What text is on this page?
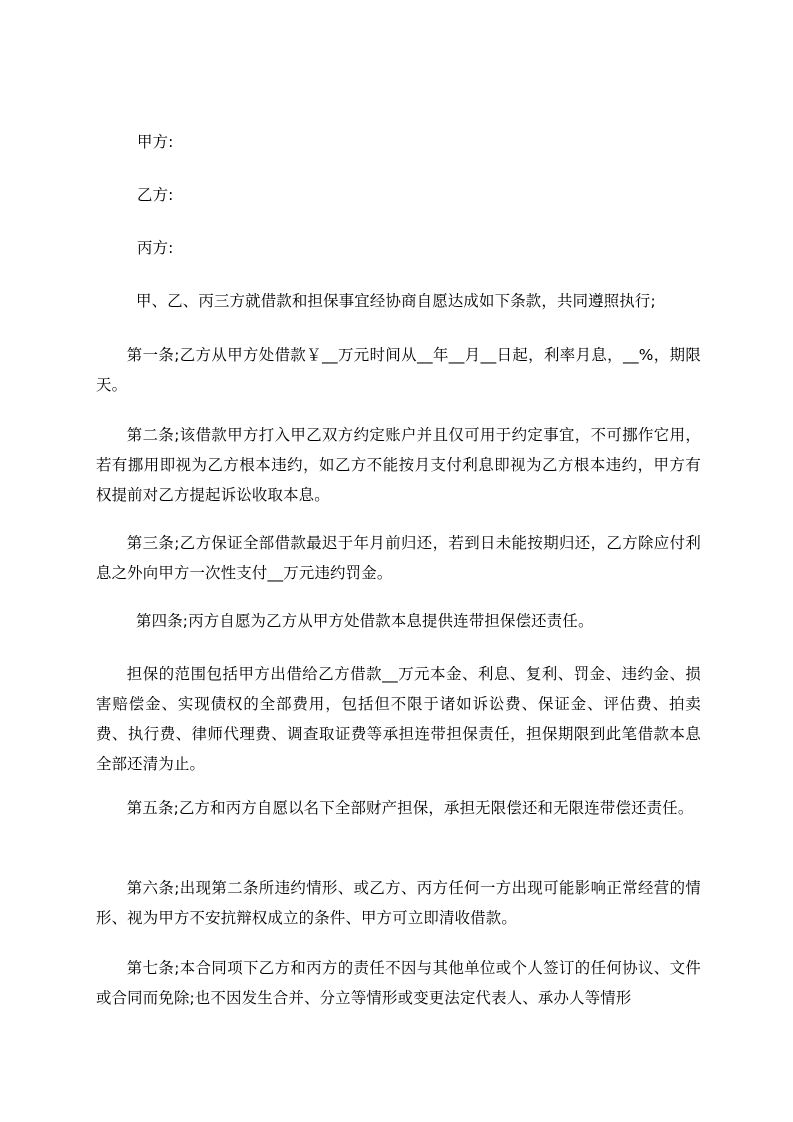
甲方:

乙方:

丙方:

甲、乙、丙三方就借款和担保事宜经协商自愿达成如下条款，共同遵照执行;

第一条;乙方从甲方处借款￥__万元时间从__年__月__日起，利率月息，__%，期限天。

第二条;该借款甲方打入甲乙双方约定账户并且仅可用于约定事宜，不可挪作它用，若有挪用即视为乙方根本违约，如乙方不能按月支付利息即视为乙方根本违约，甲方有权提前对乙方提起诉讼收取本息。

第三条;乙方保证全部借款最迟于年月前归还，若到日未能按期归还，乙方除应付利息之外向甲方一次性支付__万元违约罚金。

第四条;丙方自愿为乙方从甲方处借款本息提供连带担保偿还责任。

担保的范围包括甲方出借给乙方借款__万元本金、利息、复利、罚金、违约金、损害赔偿金、实现债权的全部费用，包括但不限于诸如诉讼费、保证金、评估费、拍卖费、执行费、律师代理费、调查取证费等承担连带担保责任，担保期限到此笔借款本息全部还清为止。

第五条;乙方和丙方自愿以名下全部财产担保，承担无限偿还和无限连带偿还责任。

第六条;出现第二条所违约情形、或乙方、丙方任何一方出现可能影响正常经营的情形、视为甲方不安抗辩权成立的条件、甲方可立即清收借款。

第七条;本合同项下乙方和丙方的责任不因与其他单位或个人签订的任何协议、文件或合同而免除;也不因发生合并、分立等情形或变更法定代表人、承办人等情形
